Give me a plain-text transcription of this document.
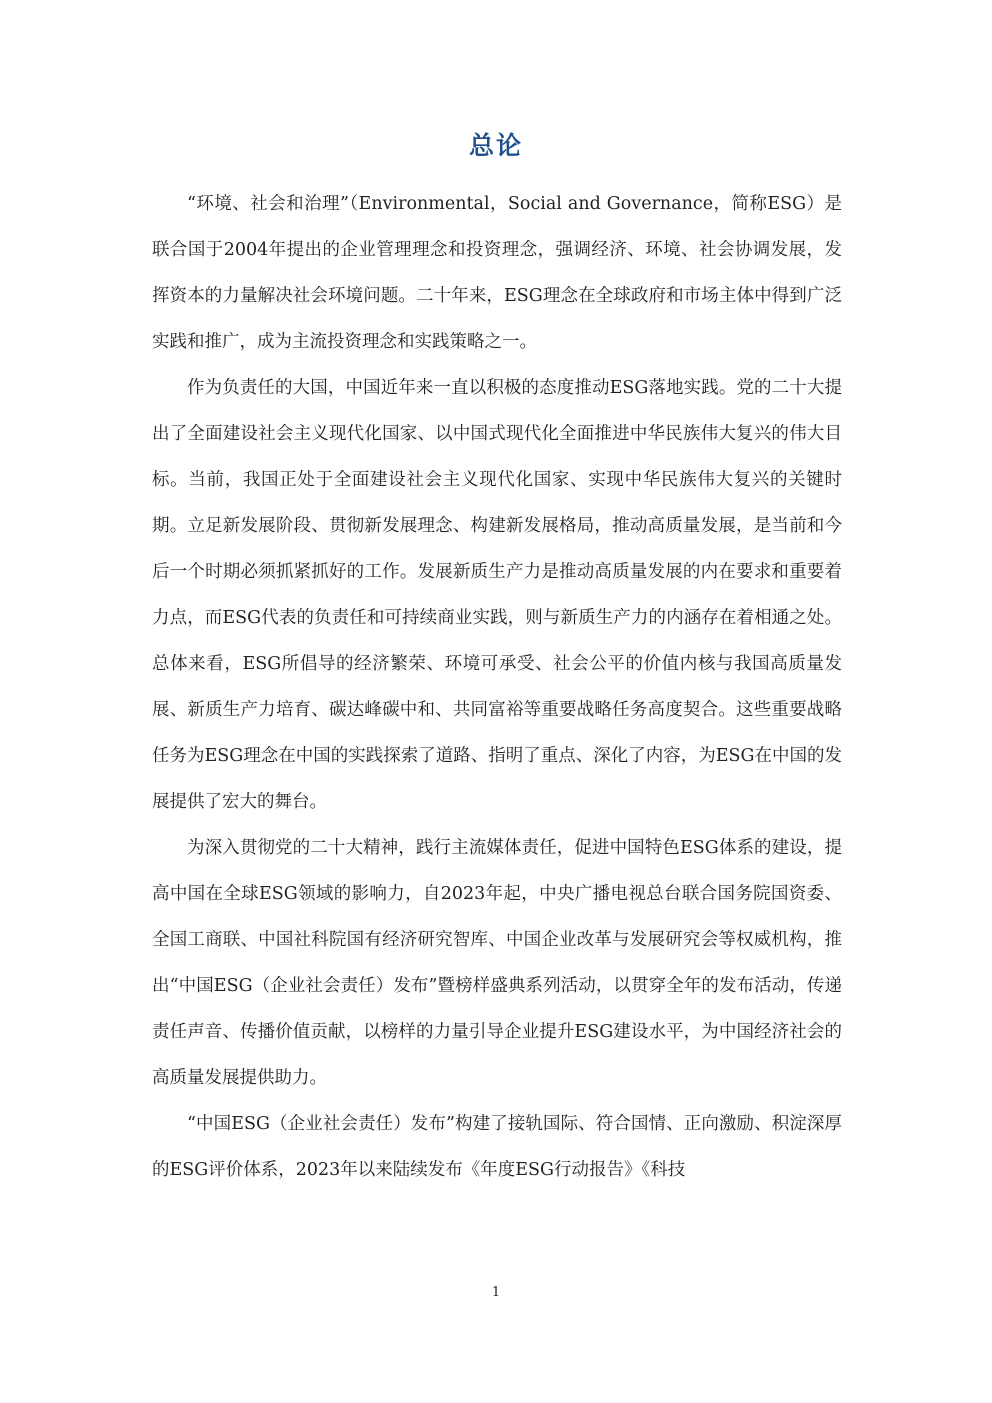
总论

“环境、社会和治理”（Environmental，Social and Governance，简称ESG）是联合国于2004年提出的企业管理理念和投资理念，强调经济、环境、社会协调发展，发挥资本的力量解决社会环境问题。二十年来，ESG理念在全球政府和市场主体中得到广泛实践和推广，成为主流投资理念和实践策略之一。

作为负责任的大国，中国近年来一直以积极的态度推动ESG落地实践。党的二十大提出了全面建设社会主义现代化国家、以中国式现代化全面推进中华民族伟大复兴的伟大目标。当前，我国正处于全面建设社会主义现代化国家、实现中华民族伟大复兴的关键时期。立足新发展阶段、贯彻新发展理念、构建新发展格局，推动高质量发展，是当前和今后一个时期必须抓紧抓好的工作。发展新质生产力是推动高质量发展的内在要求和重要着力点，而ESG代表的负责任和可持续商业实践，则与新质生产力的内涵存在着相通之处。总体来看，ESG所倡导的经济繁荣、环境可承受、社会公平的价值内核与我国高质量发展、新质生产力培育、碳达峰碳中和、共同富裕等重要战略任务高度契合。这些重要战略任务为ESG理念在中国的实践探索了道路、指明了重点、深化了内容，为ESG在中国的发展提供了宏大的舞台。

为深入贯彻党的二十大精神，践行主流媒体责任，促进中国特色ESG体系的建设，提高中国在全球ESG领域的影响力，自2023年起，中央广播电视总台联合国务院国资委、全国工商联、中国社科院国有经济研究智库、中国企业改革与发展研究会等权威机构，推出“中国ESG（企业社会责任）发布”暨榜样盛典系列活动，以贯穿全年的发布活动，传递责任声音、传播价值贡献，以榜样的力量引导企业提升ESG建设水平，为中国经济社会的高质量发展提供助力。

“中国ESG（企业社会责任）发布”构建了接轨国际、符合国情、正向激励、积淀深厚的ESG评价体系，2023年以来陆续发布《年度ESG行动报告》《科技

1
